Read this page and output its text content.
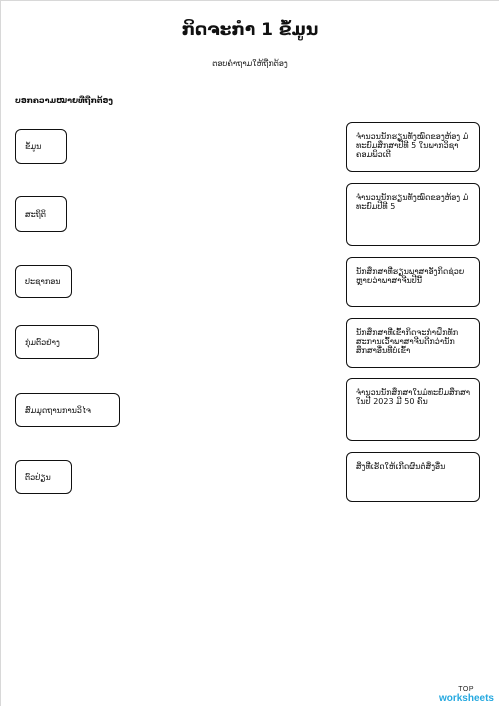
ກິດຈະກຳ 1 ຂໍ້ມູນ
ຕອບຄຳຖາມໃຫ້ຖືກຕ້ອງ
ບອກຄວາມໝາຍທີ່ຖືກຕ້ອງ
ຂໍ້ມູນ
ສະຖິຕິ
ປະຊາກອນ
ກຸ່ມຕົວຢ່າງ
ສົມມຸດຖານການວິໄຈ
ຕົວປ່ຽນ
ຈຳນວນນັກຮຽນທັງໝົດຂອງຫ້ອງ ມໍທະຍົມສຶກສາປີທີ 5 ໃນພາກວິຊາຄອມພິວເຕີ
ຈຳນວນນັກຮຽນທັງໝົດຂອງຫ້ອງ ມໍທະຍົມປີທີ 5
ນັກສຶກສາທີ່ຮຽນພາສາອັງກິດຊ່ວຍ ຫຼາຍວ່າພາສາຈີນປີນີ້
ນັກສຶກສາທີ່ເຂົ້າກິດຈະກຳຝຶກທັກສະການເວົ້າພາສາຈີນດີກວ່ານັກສຶກສາອື່ນທີ່ບໍ່ເຂົ້າ
ຈຳນວນນັກສຶກສາໃນມໍທະຍົມສຶກສາ ໃນປີ 2023 ມີ 50 ຄົນ
ສິ່ງທີ່ເຮັດໃຫ້ເກີດຜົນຕໍ່ສິ່ງອື່ນ
TOP
worksheets
